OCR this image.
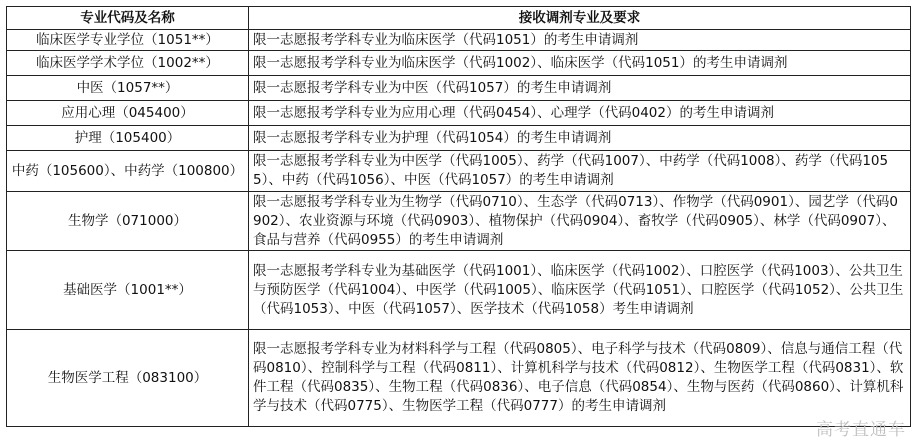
专业代码及名称	接收调剂专业及要求
临床医学专业学位（1051**）	限一志愿报考学科专业为临床医学（代码1051）的考生申请调剂
临床医学学术学位（1002**）	限一志愿报考学科专业为临床医学（代码1002）、临床医学（代码1051）的考生申请调剂
中医（1057**）	限一志愿报考学科专业为中医（代码1057）的考生申请调剂
应用心理（045400）	限一志愿报考学科专业为应用心理（代码0454）、心理学（代码0402）的考生申请调剂
护理（105400）	限一志愿报考学科专业为护理（代码1054）的考生申请调剂
中药（105600）、中药学（100800）	限一志愿报考学科专业为中医学（代码1005）、药学（代码1007）、中药学（代码1008）、药学（代码1055）、中药（代码1056）、中医（代码1057）的考生申请调剂
生物学（071000）	限一志愿报考学科专业为生物学（代码0710）、生态学（代码0713）、作物学（代码0901）、园艺学（代码0902）、农业资源与环境（代码0903）、植物保护（代码0904）、畜牧学（代码0905）、林学（代码0907）、食品与营养（代码0955）的考生申请调剂
基础医学（1001**）	限一志愿报考学科专业为基础医学（代码1001）、临床医学（代码1002）、口腔医学（代码1003）、公共卫生与预防医学（代码1004）、中医学（代码1005）、临床医学（代码1051）、口腔医学（代码1052）、公共卫生（代码1053）、中医（代码1057）、医学技术（代码1058）考生申请调剂
生物医学工程（083100）	限一志愿报考学科专业为材料科学与工程（代码0805）、电子科学与技术（代码0809）、信息与通信工程（代码0810）、控制科学与工程（代码0811）、计算机科学与技术（代码0812）、生物医学工程（代码0831）、软件工程（代码0835）、生物工程（代码0836）、电子信息（代码0854）、生物与医药（代码0860）、计算机科学与技术（代码0775）、生物医学工程（代码0777）的考生申请调剂
高考直通车
